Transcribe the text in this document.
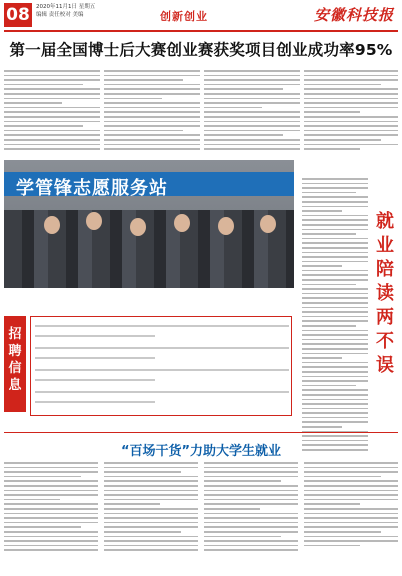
08	2020年11月1日 星期五
编辑 责任校对 美编	创新创业	安徽科技报
第一届全国博士后大赛创业赛获奖项目创业成功率95%
学管锋志愿服务站
就业陪读两不误
招聘信息
“百场干货”力助大学生就业
